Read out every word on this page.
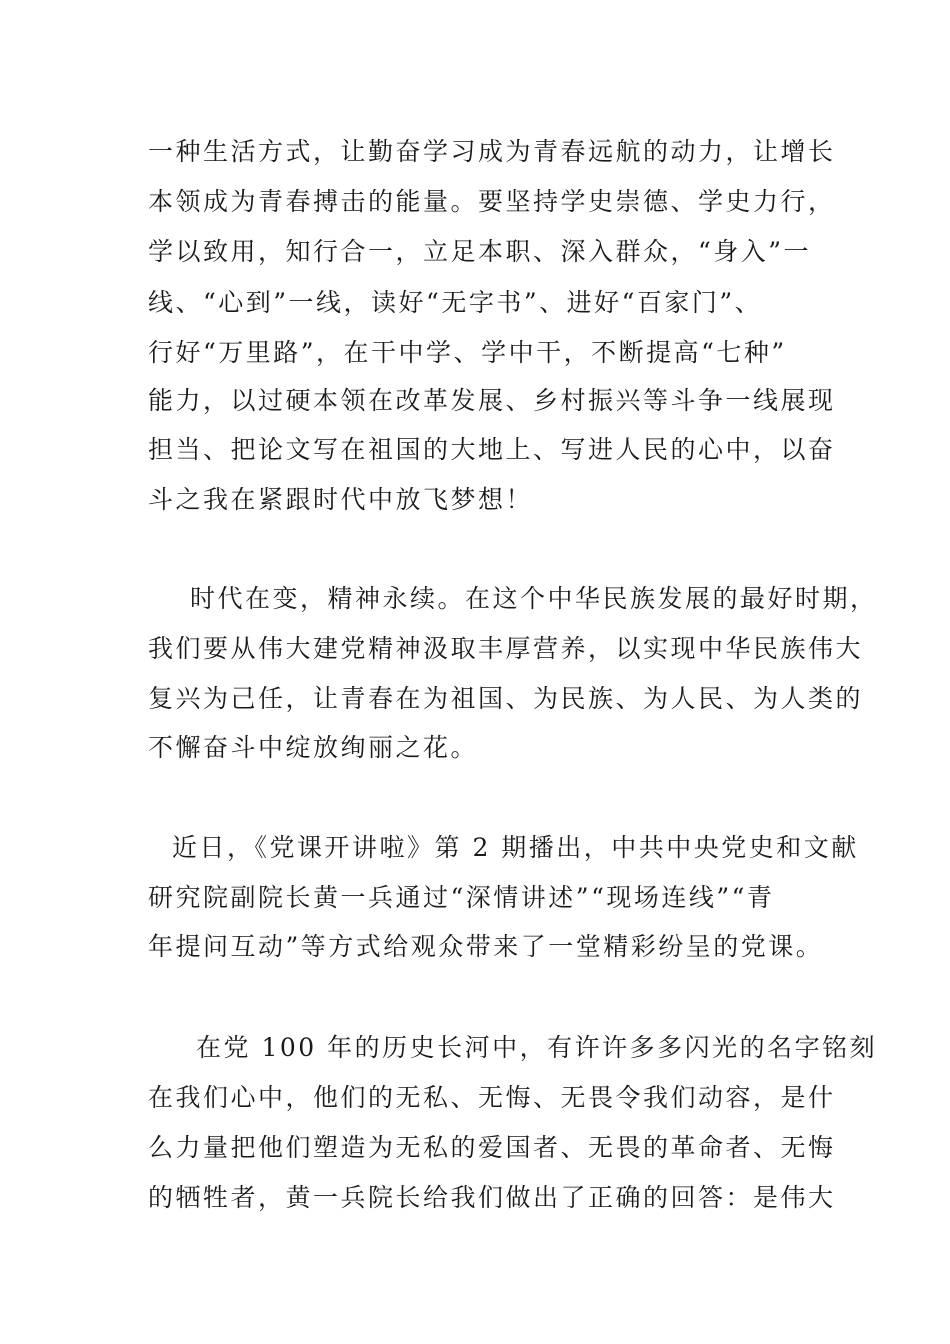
一种生活方式，让勤奋学习成为青春远航的动力，让增长
本领成为青春搏击的能量。要坚持学史崇德、学史力行，
学以致用，知行合一，立足本职、深入群众，“身入”一
线、“心到”一线，读好“无字书”、进好“百家门”、
行好“万里路”，在干中学、学中干，不断提高“七种”
能力，以过硬本领在改革发展、乡村振兴等斗争一线展现
担当、把论文写在祖国的大地上、写进人民的心中，以奋
斗之我在紧跟时代中放飞梦想！
时代在变，精神永续。在这个中华民族发展的最好时期，
我们要从伟大建党精神汲取丰厚营养，以实现中华民族伟大
复兴为己任，让青春在为祖国、为民族、为人民、为人类的
不懈奋斗中绽放绚丽之花。
近日，《党课开讲啦》第 2 期播出，中共中央党史和文献
研究院副院长黄一兵通过“深情讲述”“现场连线”“青
年提问互动”等方式给观众带来了一堂精彩纷呈的党课。
在党 100 年的历史长河中，有许许多多闪光的名字铭刻
在我们心中，他们的无私、无悔、无畏令我们动容，是什
么力量把他们塑造为无私的爱国者、无畏的革命者、无悔
的牺牲者，黄一兵院长给我们做出了正确的回答：是伟大
